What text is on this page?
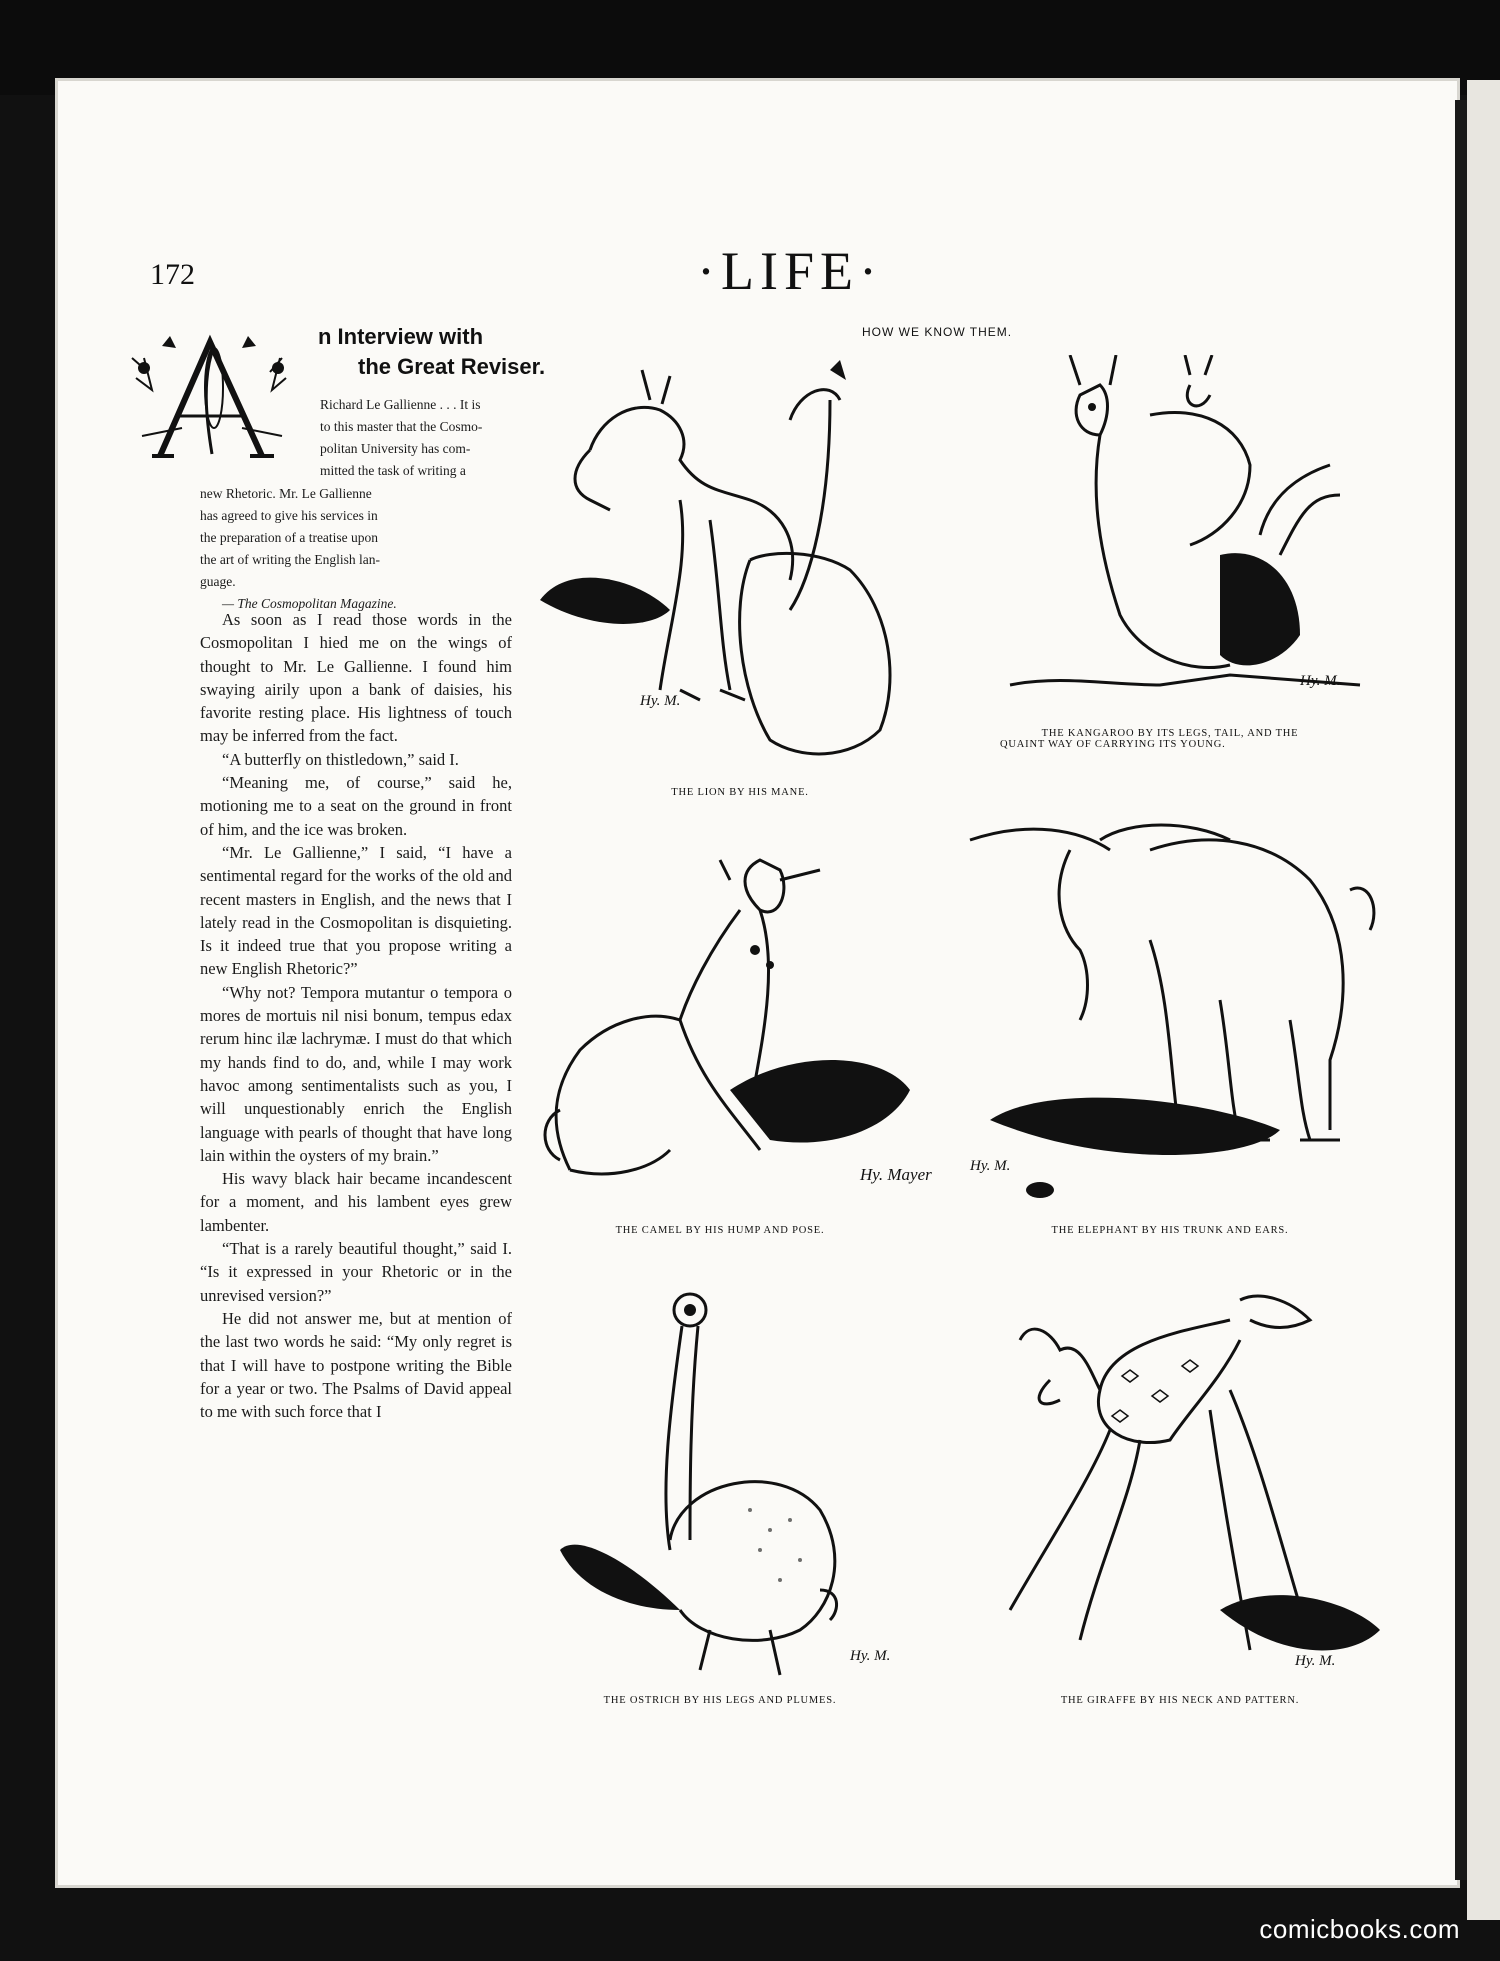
172	·LIFE·
n Interview with
the Great Reviser.
Richard Le Gallienne . . . It is
to this master that the Cosmo-
politan University has com-
mitted the task of writing a
new Rhetoric. Mr. Le Gallienne
has agreed to give his services in
the preparation of a treatise upon
the art of writing the English lan-
guage.
— The Cosmopolitan Magazine.

As soon as I read those words in the Cosmopolitan I hied me on the wings of thought to Mr. Le Gallienne. I found him swaying airily upon a bank of daisies, his favorite resting place. His lightness of touch may be inferred from the fact.

“A butterfly on thistledown,” said I.

“Meaning me, of course,” said he, motioning me to a seat on the ground in front of him, and the ice was broken.

“Mr. Le Gallienne,” I said, “I have a sentimental regard for the works of the old and recent masters in English, and the news that I lately read in the Cosmopolitan is disquieting. Is it indeed true that you propose writing a new English Rhetoric?”

“Why not? Tempora mutantur o tempora o mores de mortuis nil nisi bonum, tempus edax rerum hinc ilæ lachrymæ. I must do that which my hands find to do, and, while I may work havoc among sentimentalists such as you, I will unquestionably enrich the English language with pearls of thought that have long lain within the oysters of my brain.”

His wavy black hair became incandescent for a moment, and his lambent eyes grew lambenter.

“That is a rarely beautiful thought,” said I. “Is it expressed in your Rhetoric or in the unrevised version?”

He did not answer me, but at mention of the last two words he said: “My only regret is that I will have to postpone writing the Bible for a year or two. The Psalms of David appeal to me with such force that I

HOW WE KNOW THEM.
Hy. M.
THE LION BY HIS MANE.
Hy. M.
THE KANGAROO BY ITS LEGS, TAIL, AND THE
QUAINT WAY OF CARRYING ITS YOUNG.
Hy. Mayer
THE CAMEL BY HIS HUMP AND POSE.
Hy. M.
THE ELEPHANT BY HIS TRUNK AND EARS.
Hy. M.
THE OSTRICH BY HIS LEGS AND PLUMES.
Hy. M.
THE GIRAFFE BY HIS NECK AND PATTERN.
comicbooks.com
